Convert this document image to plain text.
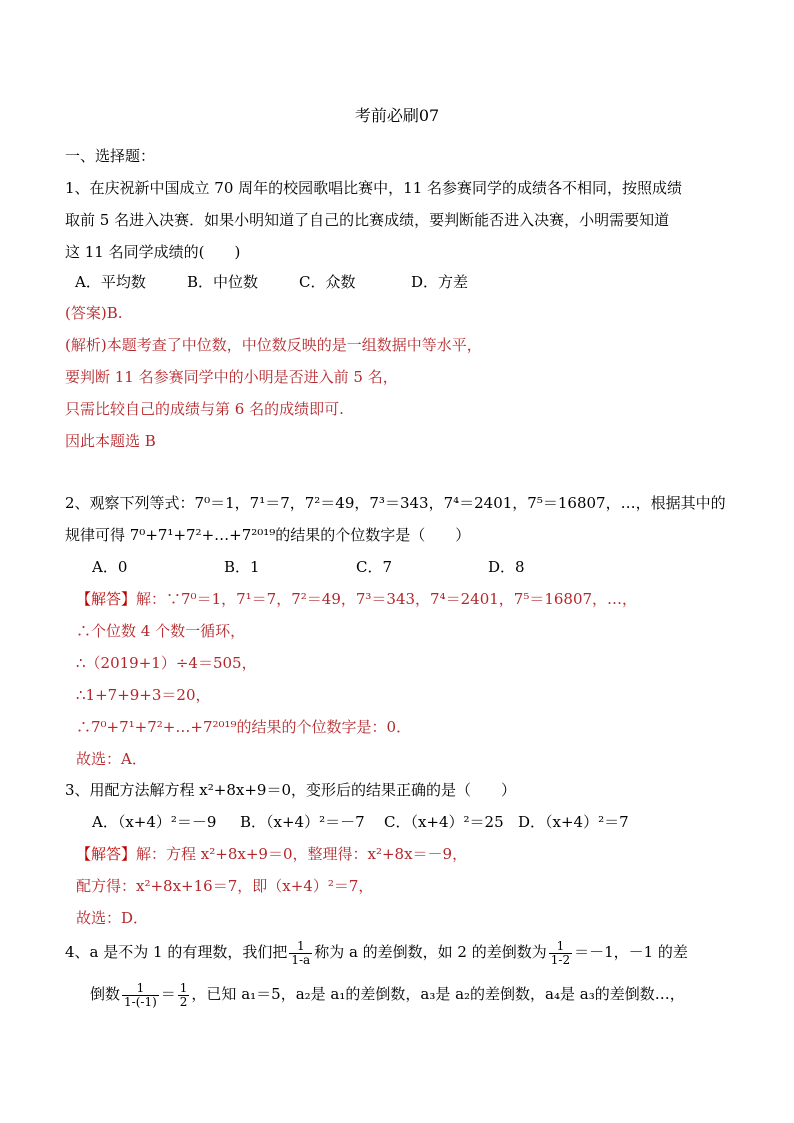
考前必刷07
一、选择题：
1、在庆祝新中国成立 70 周年的校园歌唱比赛中，11 名参赛同学的成绩各不相同，按照成绩
取前 5 名进入决赛．如果小明知道了自己的比赛成绩，要判断能否进入决赛，小明需要知道
这 11 名同学成绩的(　　)
A．平均数	B．中位数	C．众数	D．方差
(答案)B.
(解析)本题考查了中位数，中位数反映的是一组数据中等水平，
要判断 11 名参赛同学中的小明是否进入前 5 名，
只需比较自己的成绩与第 6 名的成绩即可.
因此本题选 B
2、观察下列等式：7⁰＝1，7¹＝7，7²＝49，7³＝343，7⁴＝2401，7⁵＝16807，…，根据其中的
规律可得 7⁰+7¹+7²+…+7²⁰¹⁹的结果的个位数字是（　　）
A．0	B．1	C．7	D．8
【解答】解：∵7⁰＝1，7¹＝7，7²＝49，7³＝343，7⁴＝2401，7⁵＝16807，…，
∴个位数 4 个数一循环，
∴（2019+1）÷4＝505，
∴1+7+9+3＝20，
∴7⁰+7¹+7²+…+7²⁰¹⁹的结果的个位数字是：0．
故选：A．
3、用配方法解方程 x²+8x+9＝0，变形后的结果正确的是（　　）
A．（x+4）²＝－9 B．（x+4）²＝－7 C．（x+4）²＝25 D．（x+4）²＝7
【解答】解：方程 x²+8x+9＝0，整理得：x²+8x＝－9，
配方得：x²+8x+16＝7，即（x+4）²＝7，
故选：D．
4、a 是不为 1 的有理数，我们把 $\frac{1}{1-a}$ 称为 a 的差倒数，如 2 的差倒数为 $\frac{1}{1-2} =-1$，－1 的差
倒数 $\frac{1}{1-(-1)} = \frac{1}{2}$ ，已知 a₁＝5，a₂是 a₁的差倒数，a₃是 a₂的差倒数，a₄是 a₃的差倒数…，
